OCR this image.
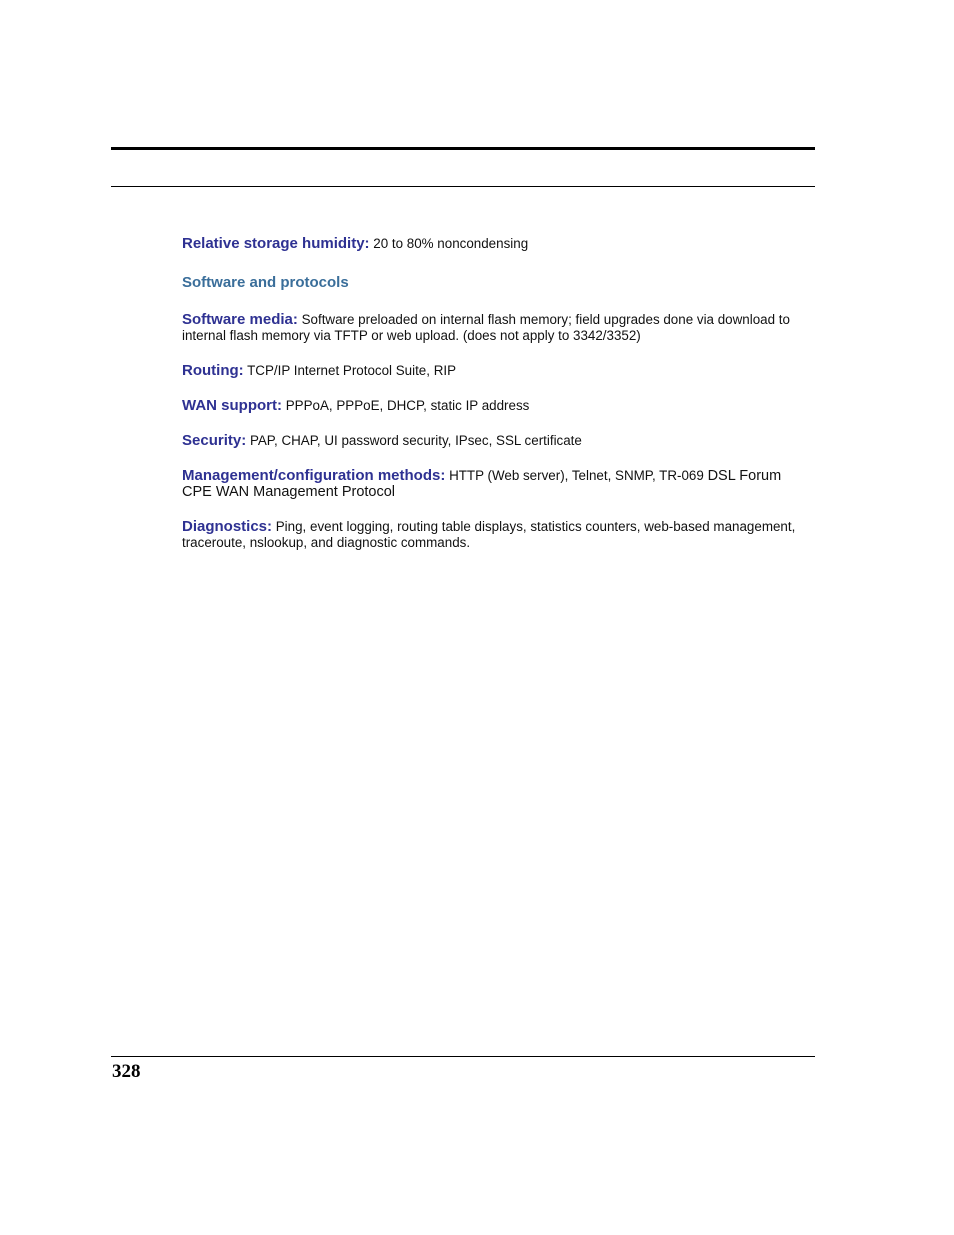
Relative storage humidity: 20 to 80% noncondensing

Software and protocols

Software media: Software preloaded on internal flash memory; field upgrades done via download to internal flash memory via TFTP or web upload. (does not apply to 3342/3352)

Routing: TCP/IP Internet Protocol Suite, RIP

WAN support: PPPoA, PPPoE, DHCP, static IP address

Security: PAP, CHAP, UI password security, IPsec, SSL certificate

Management/configuration methods: HTTP (Web server), Telnet, SNMP, TR-069 DSL Forum CPE WAN Management Protocol

Diagnostics: Ping, event logging, routing table displays, statistics counters, web-based management, traceroute, nslookup, and diagnostic commands.

328
